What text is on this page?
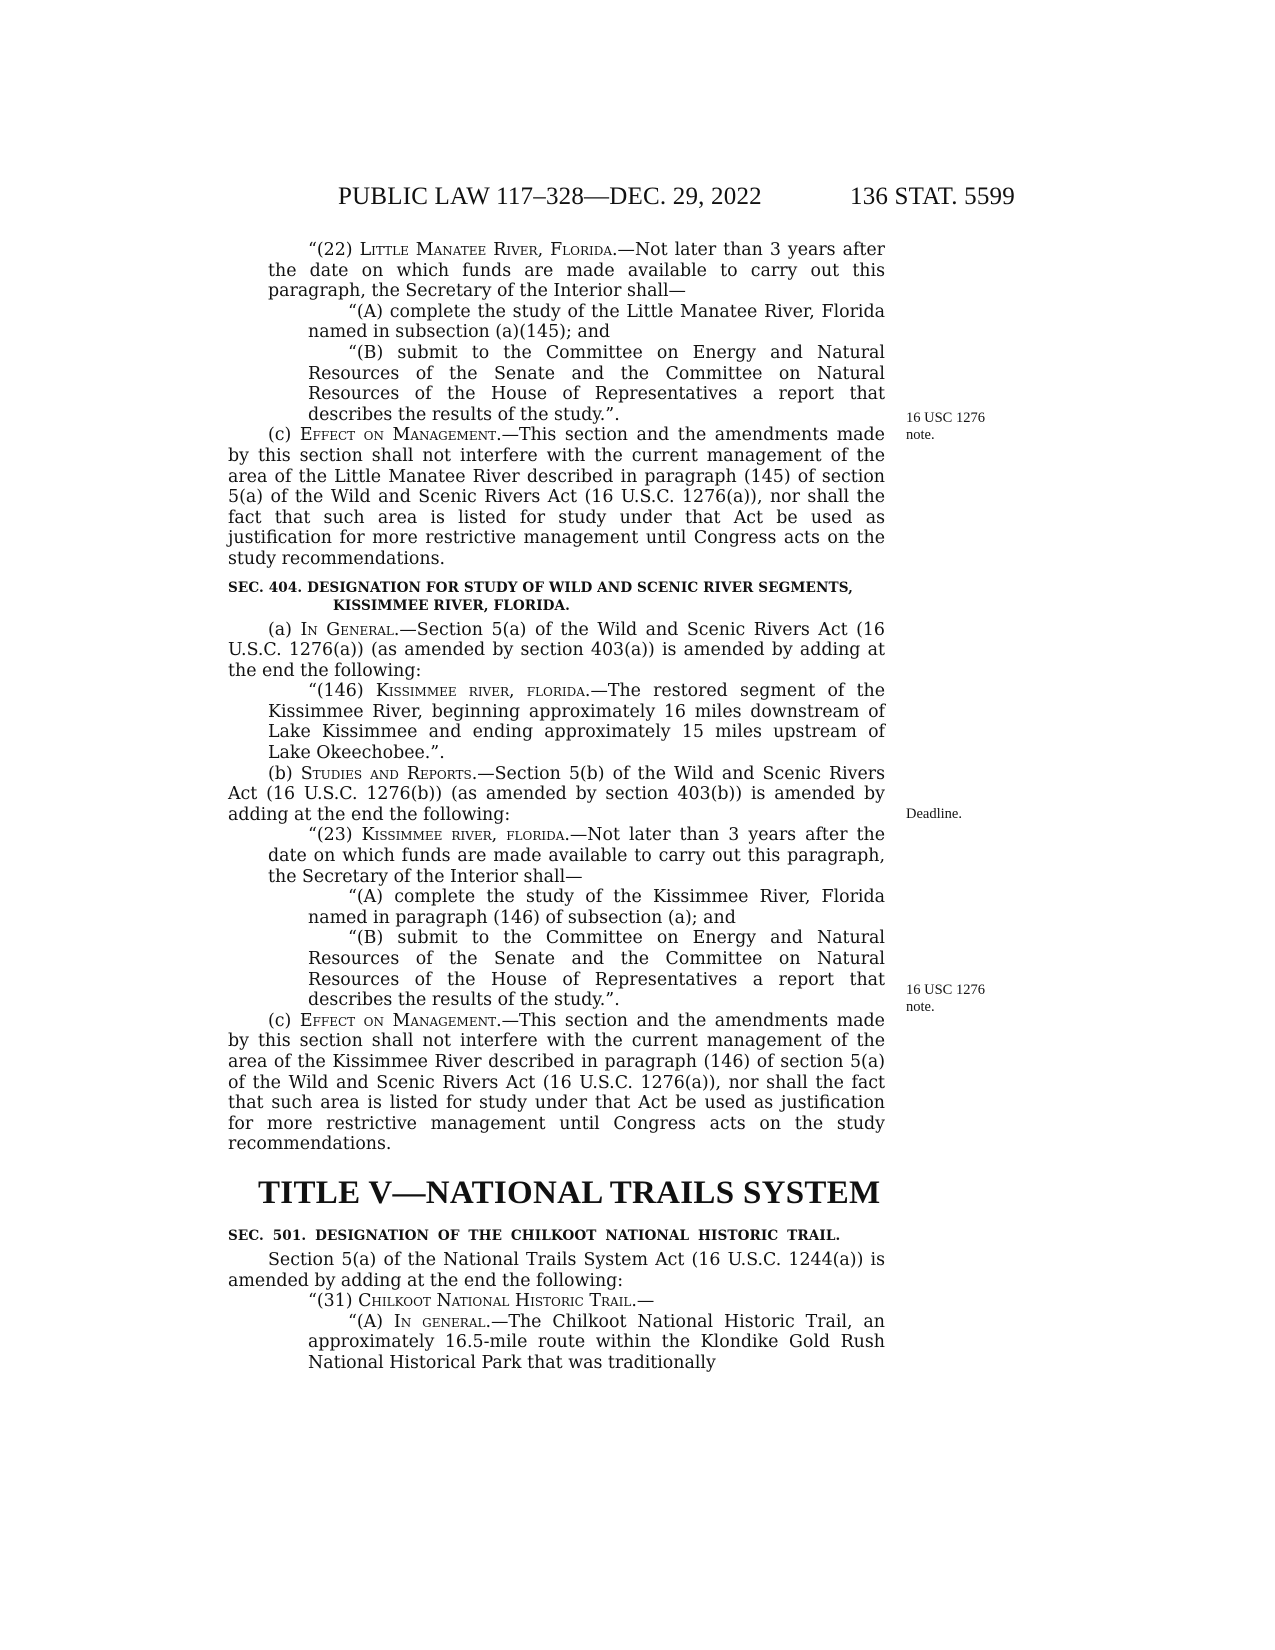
PUBLIC LAW 117–328—DEC. 29, 2022	136 STAT. 5599

“(22) Little Manatee River, Florida.—Not later than 3 years after the date on which funds are made available to carry out this paragraph, the Secretary of the Interior shall—

“(A) complete the study of the Little Manatee River, Florida named in subsection (a)(145); and

“(B) submit to the Committee on Energy and Natural Resources of the Senate and the Committee on Natural Resources of the House of Representatives a report that describes the results of the study.”.

(c) Effect on Management.—This section and the amendments made by this section shall not interfere with the current management of the area of the Little Manatee River described in paragraph (145) of section 5(a) of the Wild and Scenic Rivers Act (16 U.S.C. 1276(a)), nor shall the fact that such area is listed for study under that Act be used as justification for more restrictive management until Congress acts on the study recommendations.

SEC. 404. DESIGNATION FOR STUDY OF WILD AND SCENIC RIVER SEGMENTS, KISSIMMEE RIVER, FLORIDA.

(a) In General.—Section 5(a) of the Wild and Scenic Rivers Act (16 U.S.C. 1276(a)) (as amended by section 403(a)) is amended by adding at the end the following:

“(146) Kissimmee river, florida.—The restored segment of the Kissimmee River, beginning approximately 16 miles downstream of Lake Kissimmee and ending approximately 15 miles upstream of Lake Okeechobee.”.

(b) Studies and Reports.—Section 5(b) of the Wild and Scenic Rivers Act (16 U.S.C. 1276(b)) (as amended by section 403(b)) is amended by adding at the end the following:

“(23) Kissimmee river, florida.—Not later than 3 years after the date on which funds are made available to carry out this paragraph, the Secretary of the Interior shall—

“(A) complete the study of the Kissimmee River, Florida named in paragraph (146) of subsection (a); and

“(B) submit to the Committee on Energy and Natural Resources of the Senate and the Committee on Natural Resources of the House of Representatives a report that describes the results of the study.”.

(c) Effect on Management.—This section and the amendments made by this section shall not interfere with the current management of the area of the Kissimmee River described in paragraph (146) of section 5(a) of the Wild and Scenic Rivers Act (16 U.S.C. 1276(a)), nor shall the fact that such area is listed for study under that Act be used as justification for more restrictive management until Congress acts on the study recommendations.

TITLE V—NATIONAL TRAILS SYSTEM

SEC. 501. DESIGNATION OF THE CHILKOOT NATIONAL HISTORIC TRAIL.

Section 5(a) of the National Trails System Act (16 U.S.C. 1244(a)) is amended by adding at the end the following:

“(31) Chilkoot National Historic Trail.—

“(A) In general.—The Chilkoot National Historic Trail, an approximately 16.5-mile route within the Klondike Gold Rush National Historical Park that was traditionally

16 USC 1276
note.
Deadline.
16 USC 1276
note.
